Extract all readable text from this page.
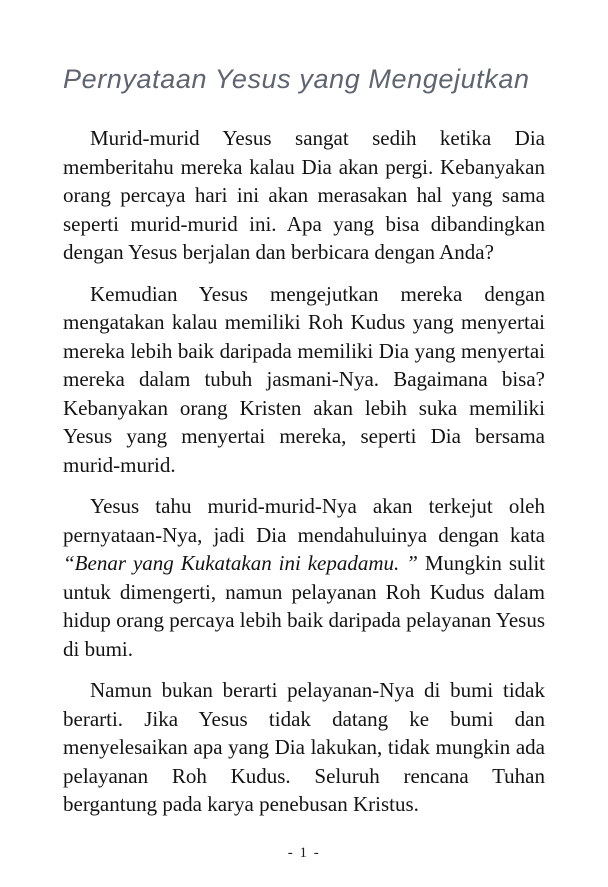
Pernyataan Yesus yang Mengejutkan

Murid-murid Yesus sangat sedih ketika Dia memberitahu mereka kalau Dia akan pergi. Kebanyakan orang percaya hari ini akan merasakan hal yang sama seperti murid-murid ini. Apa yang bisa dibandingkan dengan Yesus berjalan dan berbicara dengan Anda?

Kemudian Yesus mengejutkan mereka dengan mengatakan kalau memiliki Roh Kudus yang menyertai mereka lebih baik daripada memiliki Dia yang menyertai mereka dalam tubuh jasmani-Nya. Bagaimana bisa? Kebanyakan orang Kristen akan lebih suka memiliki Yesus yang menyertai mereka, seperti Dia bersama murid-murid.

Yesus tahu murid-murid-Nya akan terkejut oleh pernyataan-Nya, jadi Dia mendahuluinya dengan kata “Benar yang Kukatakan ini kepadamu. ” Mungkin sulit untuk dimengerti, namun pelayanan Roh Kudus dalam hidup orang percaya lebih baik daripada pelayanan Yesus di bumi.

Namun bukan berarti pelayanan-Nya di bumi tidak berarti. Jika Yesus tidak datang ke bumi dan menyelesaikan apa yang Dia lakukan, tidak mungkin ada pelayanan Roh Kudus. Seluruh rencana Tuhan bergantung pada karya penebusan Kristus.

- 1 -
